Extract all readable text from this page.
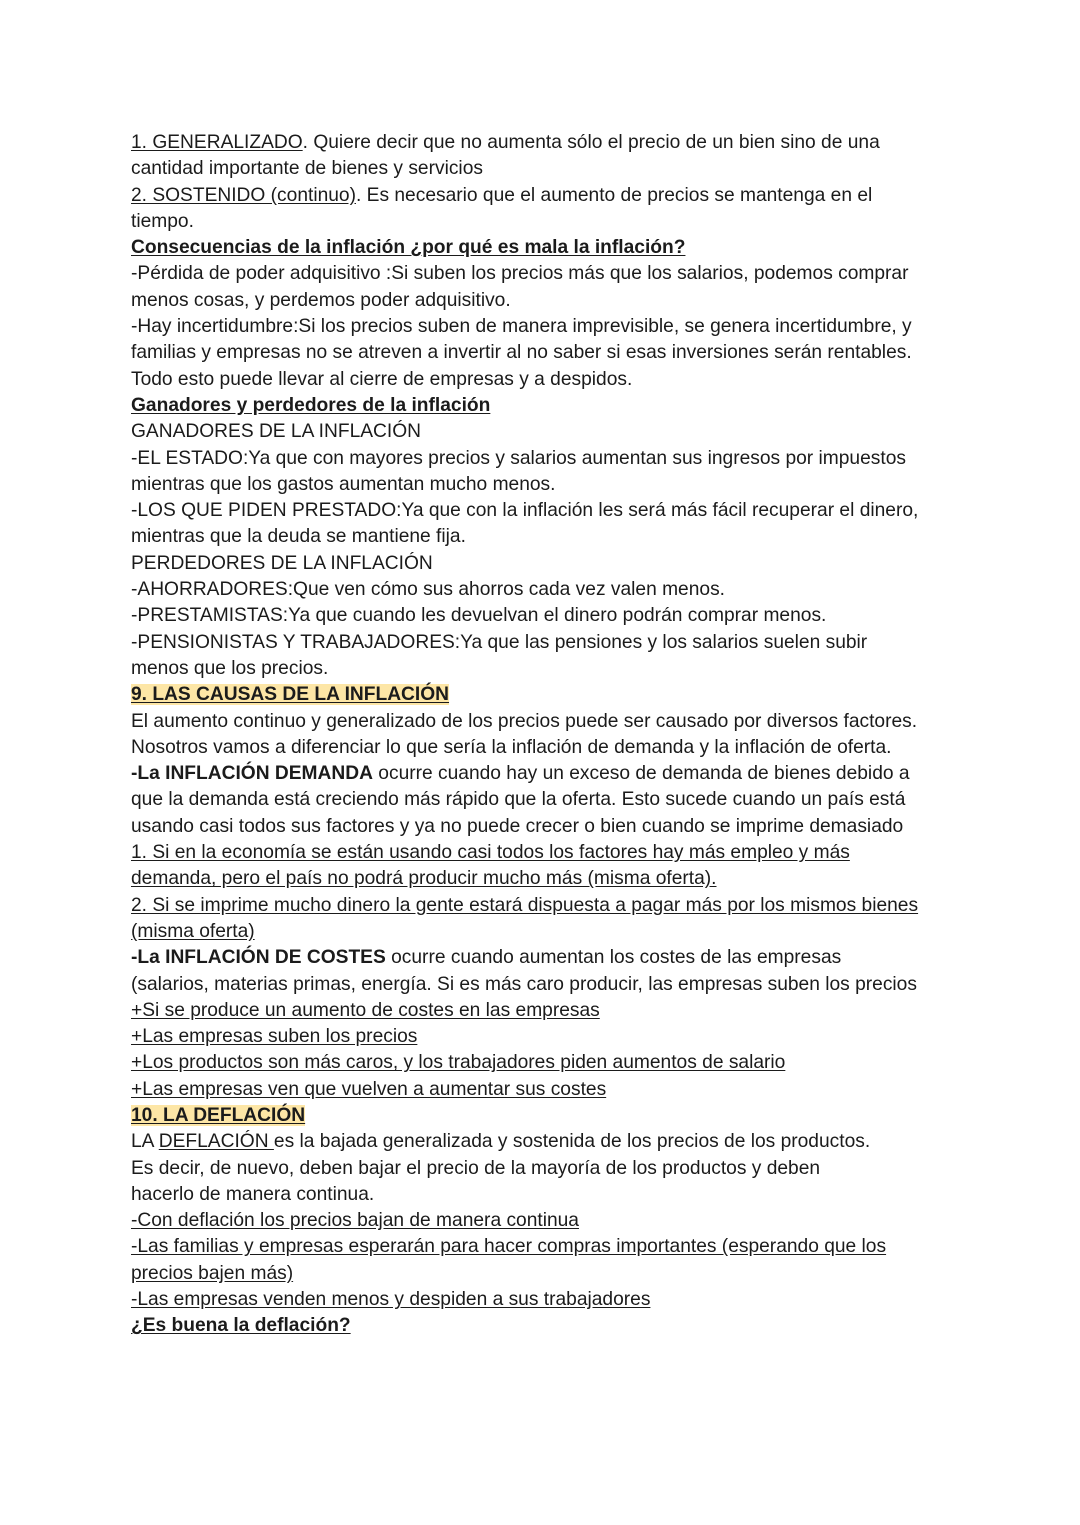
1. GENERALIZADO. Quiere decir que no aumenta sólo el precio de un bien sino de una
cantidad importante de bienes y servicios
2. SOSTENIDO (continuo). Es necesario que el aumento de precios se mantenga en el
tiempo.
Consecuencias de la inflación ¿por qué es mala la inflación?
-Pérdida de poder adquisitivo :Si suben los precios más que los salarios, podemos comprar
menos cosas, y perdemos poder adquisitivo.
-Hay incertidumbre:Si los precios suben de manera imprevisible, se genera incertidumbre, y
familias y empresas no se atreven a invertir al no saber si esas inversiones serán rentables.
Todo esto puede llevar al cierre de empresas y a despidos.
Ganadores y perdedores de la inflación
GANADORES DE LA INFLACIÓN
-EL ESTADO:Ya que con mayores precios y salarios aumentan sus ingresos por impuestos
mientras que los gastos aumentan mucho menos.
-LOS QUE PIDEN PRESTADO:Ya que con la inflación les será más fácil recuperar el dinero,
mientras que la deuda se mantiene fija.
PERDEDORES DE LA INFLACIÓN
-AHORRADORES:Que ven cómo sus ahorros cada vez valen menos.
-PRESTAMISTAS:Ya que cuando les devuelvan el dinero podrán comprar menos.
-PENSIONISTAS Y TRABAJADORES:Ya que las pensiones y los salarios suelen subir
menos que los precios.
9. LAS CAUSAS DE LA INFLACIÓN
El aumento continuo y generalizado de los precios puede ser causado por diversos factores.
Nosotros vamos a diferenciar lo que sería la inflación de demanda y la inflación de oferta.
-La INFLACIÓN DEMANDA ocurre cuando hay un exceso de demanda de bienes debido a
que la demanda está creciendo más rápido que la oferta. Esto sucede cuando un país está
usando casi todos sus factores y ya no puede crecer o bien cuando se imprime demasiado
1. Si en la economía se están usando casi todos los factores hay más empleo y más
demanda, pero el país no podrá producir mucho más (misma oferta).
2. Si se imprime mucho dinero la gente estará dispuesta a pagar más por los mismos bienes
(misma oferta)
-La INFLACIÓN DE COSTES ocurre cuando aumentan los costes de las empresas
(salarios, materias primas, energía. Si es más caro producir, las empresas suben los precios
+Si se produce un aumento de costes en las empresas
+Las empresas suben los precios
+Los productos son más caros, y los trabajadores piden aumentos de salario
+Las empresas ven que vuelven a aumentar sus costes
10. LA DEFLACIÓN
LA DEFLACIÓN es la bajada generalizada y sostenida de los precios de los productos.
Es decir, de nuevo, deben bajar el precio de la mayoría de los productos y deben
hacerlo de manera continua.
-Con deflación los precios bajan de manera continua
-Las familias y empresas esperarán para hacer compras importantes (esperando que los
precios bajen más)
-Las empresas venden menos y despiden a sus trabajadores
¿Es buena la deflación?
